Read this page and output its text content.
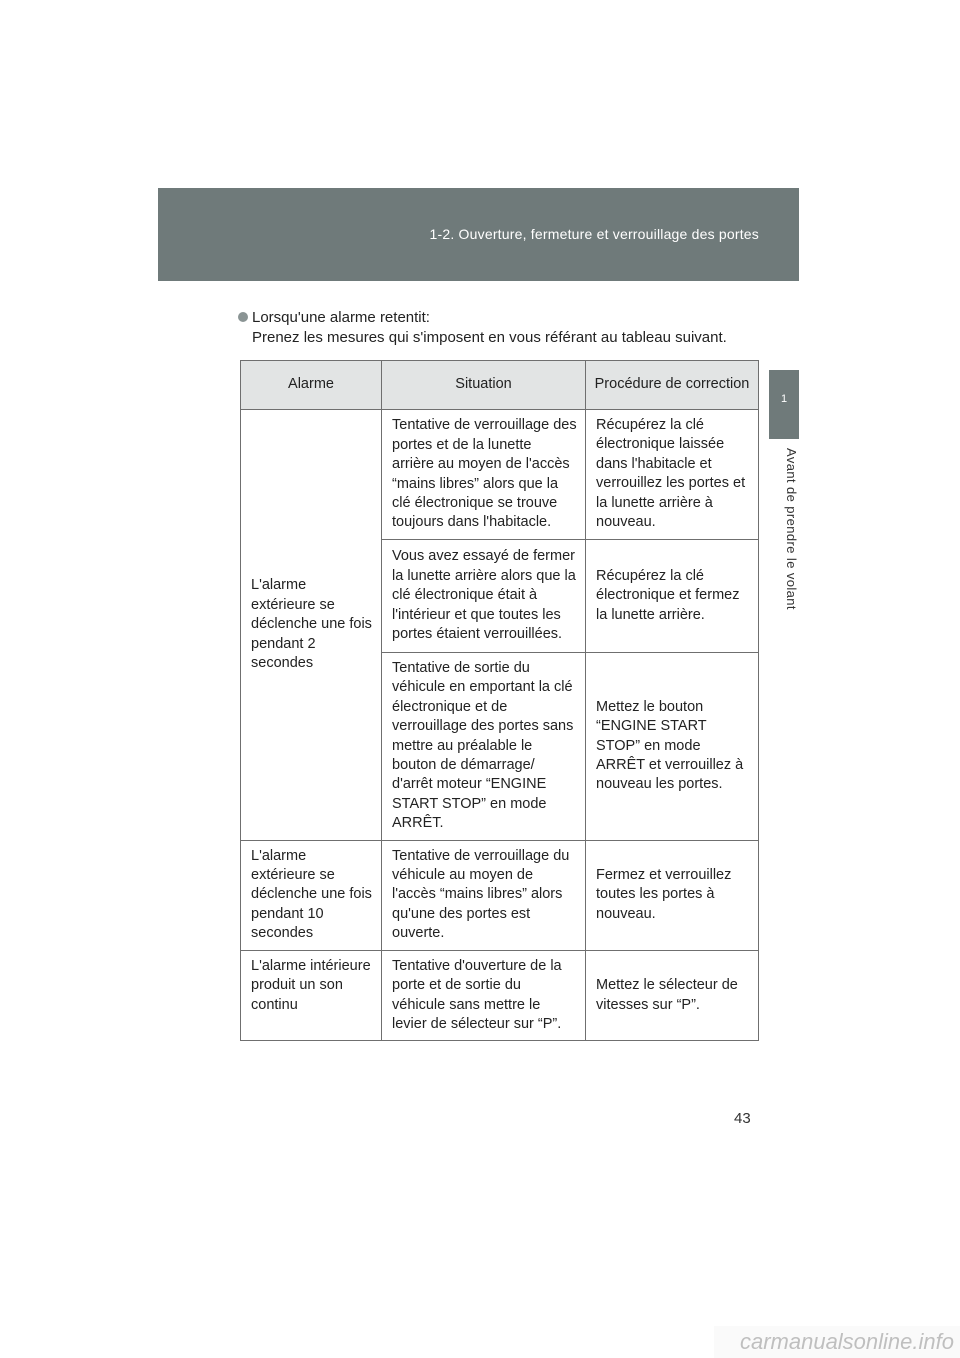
1-2. Ouverture, fermeture et verrouillage des portes
1
Avant de prendre le volant
Lorsqu'une alarme retentit:
Prenez les mesures qui s'imposent en vous référant au tableau suivant.
Alarme	Situation	Procédure de correction
L'alarme extérieure se déclenche une fois pendant 2 secondes	Tentative de verrouillage des portes et de la lunette arrière au moyen de l'accès “mains libres” alors que la clé électronique se trouve toujours dans l'habitacle.	Récupérez la clé électronique laissée dans l'habitacle et verrouillez les portes et la lunette arrière à nouveau.
	Vous avez essayé de fermer la lunette arrière alors que la clé électronique était à l'intérieur et que toutes les portes étaient verrouillées.	Récupérez la clé électronique et fermez la lunette arrière.
	Tentative de sortie du véhicule en emportant la clé électronique et de verrouillage des portes sans mettre au préalable le bouton de démarrage/ d'arrêt moteur “ENGINE START STOP” en mode ARRÊT.	Mettez le bouton “ENGINE START STOP” en mode ARRÊT et verrouillez à nouveau les portes.
L'alarme extérieure se déclenche une fois pendant 10 secondes	Tentative de verrouillage du véhicule au moyen de l'accès “mains libres” alors qu'une des portes est ouverte.	Fermez et verrouillez toutes les portes à nouveau.
L'alarme intérieure produit un son continu	Tentative d'ouverture de la porte et de sortie du véhicule sans mettre le levier de sélecteur sur “P”.	Mettez le sélecteur de vitesses sur “P”.
43
carmanualsonline.info
